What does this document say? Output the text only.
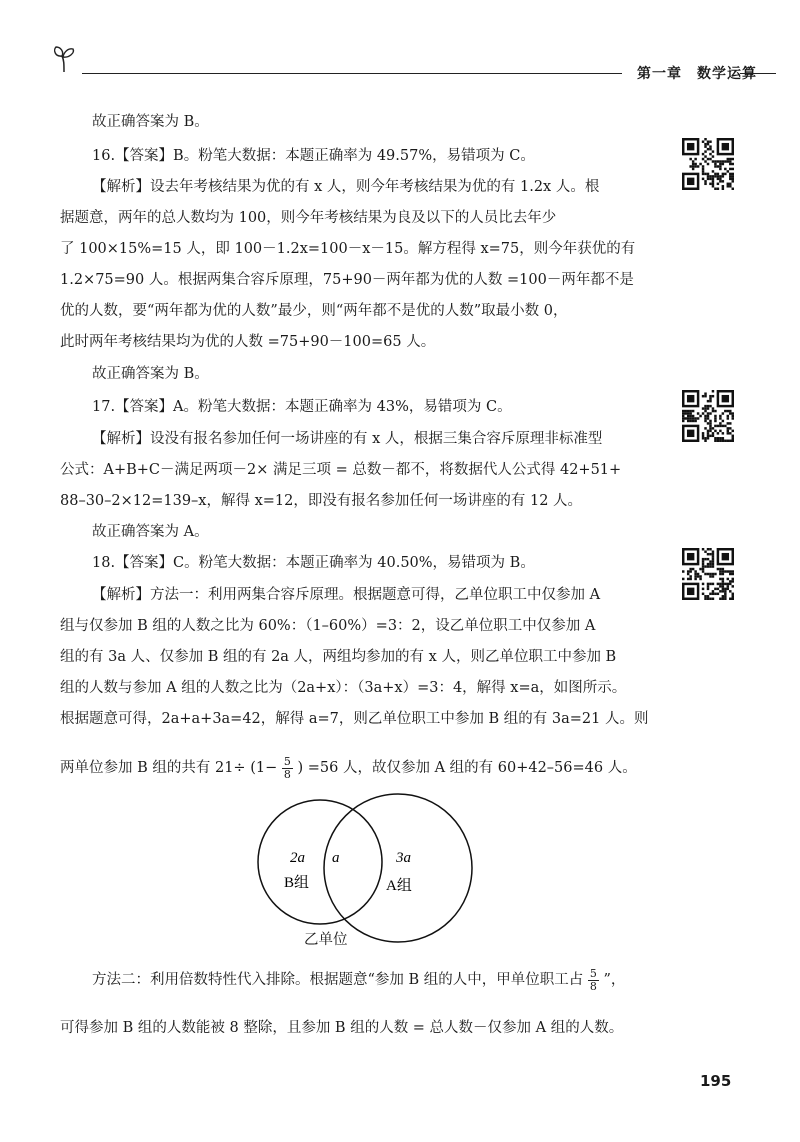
第一章　数学运算
故正确答案为 B。
16.【答案】B。粉笔大数据：本题正确率为 49.57%，易错项为 C。
【解析】设去年考核结果为优的有 x 人，则今年考核结果为优的有 1.2x 人。根
据题意，两年的总人数均为 100，则今年考核结果为良及以下的人员比去年少
了 100×15%=15 人，即 100－1.2x=100－x－15。解方程得 x=75，则今年获优的有
1.2×75=90 人。根据两集合容斥原理，75+90－两年都为优的人数 =100－两年都不是
优的人数，要“两年都为优的人数”最少，则“两年都不是优的人数”取最小数 0，
此时两年考核结果均为优的人数 =75+90－100=65 人。
故正确答案为 B。
17.【答案】A。粉笔大数据：本题正确率为 43%，易错项为 C。
【解析】设没有报名参加任何一场讲座的有 x 人，根据三集合容斥原理非标准型
公式：A+B+C－满足两项－2× 满足三项 = 总数－都不，将数据代人公式得 42+51+
88–30–2×12=139–x，解得 x=12，即没有报名参加任何一场讲座的有 12 人。
故正确答案为 A。
18.【答案】C。粉笔大数据：本题正确率为 40.50%，易错项为 B。
【解析】方法一：利用两集合容斥原理。根据题意可得，乙单位职工中仅参加 A
组与仅参加 B 组的人数之比为 60%：（1–60%）=3：2，设乙单位职工中仅参加 A
组的有 3a 人、仅参加 B 组的有 2a 人，两组均参加的有 x 人，则乙单位职工中参加 B
组的人数与参加 A 组的人数之比为（2a+x）：（3a+x）=3：4，解得 x=a，如图所示。
根据题意可得，2a+a+3a=42，解得 a=7，则乙单位职工中参加 B 组的有 3a=21 人。则
两单位参加 B 组的共有 $21\div (1- \frac{5}{8}$ ) =56 人，故仅参加 A 组的有 60+42–56=46 人。
2a
B组
a	3a
A组
乙单位
方法二：利用倍数特性代入排除。根据题意“参加 B 组的人中，甲单位职工占 $\frac{5}{8}$ ”，
可得参加 B 组的人数能被 8 整除，且参加 B 组的人数 = 总人数－仅参加 A 组的人数。
195
